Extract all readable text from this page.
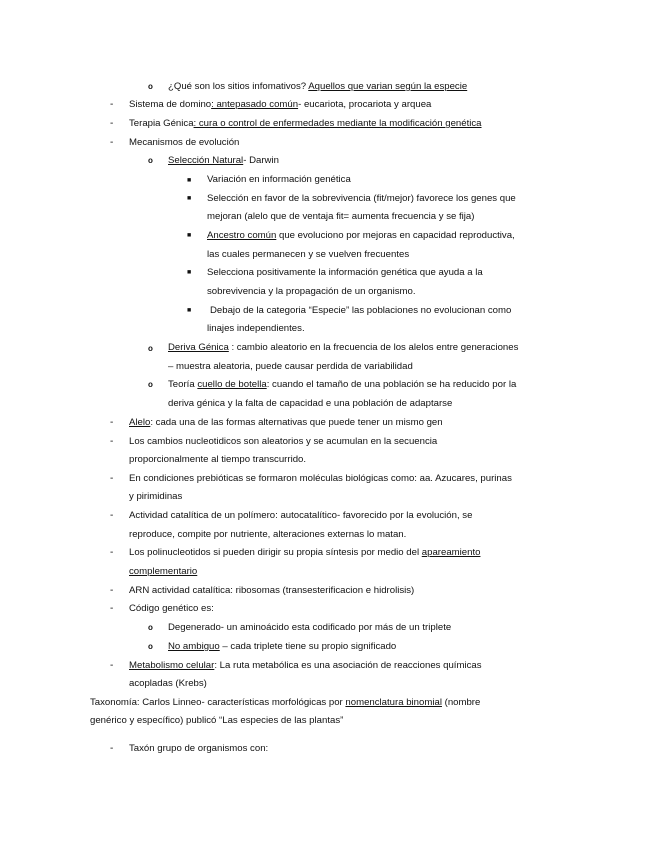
-
-
-
-
-
-
-
-
-
-
-
-
o
o
o
o
o
o
■
■
■
■
■
¿Qué son los sitios infomativos? Aquellos que varian según la especie
Sistema de domino: antepasado común- eucariota, procariota y arquea
Terapia Génica: cura o control de enfermedades mediante la modificación genética
Mecanismos de evolución
Selección Natural- Darwin
Variación en información genética
Selección en favor de la sobrevivencia (fit/mejor) favorece los genes que
mejoran (alelo que de ventaja fit= aumenta frecuencia y se fija)
Ancestro común que evoluciono por mejoras en capacidad reproductiva,
las cuales permanecen y se vuelven frecuentes
Selecciona positivamente la información genética que ayuda a la
sobrevivencia y la propagación de un organismo.
Debajo de la categoria “Especie” las poblaciones no evolucionan como
linajes independientes.
Deriva Génica : cambio aleatorio en la frecuencia de los alelos entre generaciones
– muestra aleatoria, puede causar perdida de variabilidad
Teoría cuello de botella: cuando el tamaño de una población se ha reducido por la
deriva génica y la falta de capacidad e una población de adaptarse
Alelo: cada una de las formas alternativas que puede tener un mismo gen
Los cambios nucleotidicos son aleatorios y se acumulan en la secuencia
proporcionalmente al tiempo transcurrido.
En condiciones prebióticas se formaron moléculas biológicas como: aa. Azucares, purinas
y pirimidinas
Actividad catalítica de un polímero: autocatalítico- favorecido por la evolución, se
reproduce, compite por nutriente, alteraciones externas lo matan.
Los polinucleotidos si pueden dirigir su propia síntesis por medio del apareamiento
complementario
ARN actividad catalítica: ribosomas (transesterificacion e hidrolisis)
Código genético es:
Degenerado- un aminoácido esta codificado por más de un triplete
No ambiguo – cada triplete tiene su propio significado
Metabolismo celular: La ruta metabólica es una asociación de reacciones químicas
acopladas (Krebs)
Taxonomía: Carlos Linneo- características morfológicas por nomenclatura binomial (nombre
genérico y específico) publicó “Las especies de las plantas”
Taxón grupo de organismos con:
